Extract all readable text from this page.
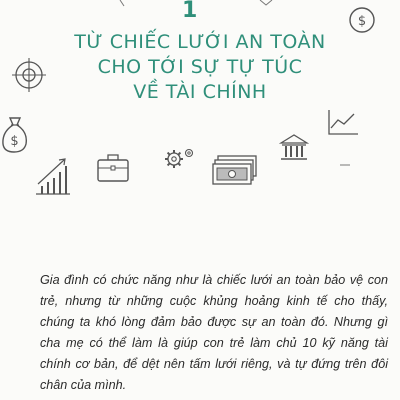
1
TỪ CHIẾC LƯỚI AN TOÀN
CHO TỚI SỰ TỰ TÚC
VỀ TÀI CHÍNH
$
$

Gia đình có chức năng như là chiếc lưới an toàn bảo vệ con trẻ, nhưng từ những cuộc khủng hoảng kinh tế cho thấy, chúng ta khó lòng đảm bảo được sự an toàn đó. Nhưng gì cha mẹ có thể làm là giúp con trẻ làm chủ 10 kỹ năng tài chính cơ bản, để dệt nên tấm lưới riêng, và tự đứng trên đôi chân của mình.
